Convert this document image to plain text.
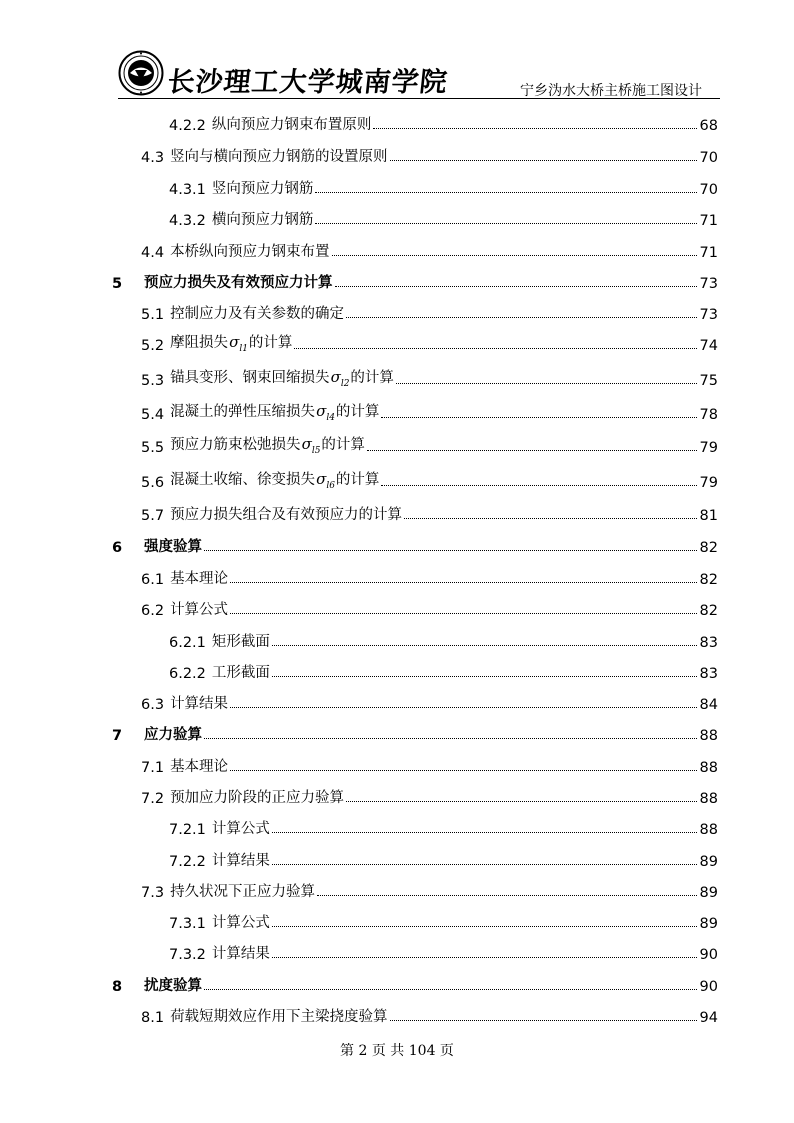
长沙理工大学城南学院	宁乡沩水大桥主桥施工图设计
4.2.2 纵向预应力钢束布置原则	68
4.3 竖向与横向预应力钢筋的设置原则	70
4.3.1 竖向预应力钢筋	70
4.3.2 横向预应力钢筋	71
4.4 本桥纵向预应力钢束布置	71
5	预应力损失及有效预应力计算	73
5.1 控制应力及有关参数的确定	73
5.2 摩阻损失$\sigma_{l1}$的计算	74
5.3 锚具变形、钢束回缩损失$\sigma_{l2}$的计算	75
5.4 混凝土的弹性压缩损失$\sigma_{l4}$的计算	78
5.5 预应力筋束松弛损失$\sigma_{l5}$的计算	79
5.6 混凝土收缩、徐变损失$\sigma_{l6}$的计算	79
5.7 预应力损失组合及有效预应力的计算	81
6	强度验算	82
6.1 基本理论	82
6.2 计算公式	82
6.2.1 矩形截面	83
6.2.2 工形截面	83
6.3 计算结果	84
7	应力验算	88
7.1 基本理论	88
7.2 预加应力阶段的正应力验算	88
7.2.1 计算公式	88
7.2.2 计算结果	89
7.3 持久状况下正应力验算	89
7.3.1 计算公式	89
7.3.2 计算结果	90
8	扰度验算	90
8.1 荷载短期效应作用下主梁挠度验算	94
第 2 页 共 104 页
